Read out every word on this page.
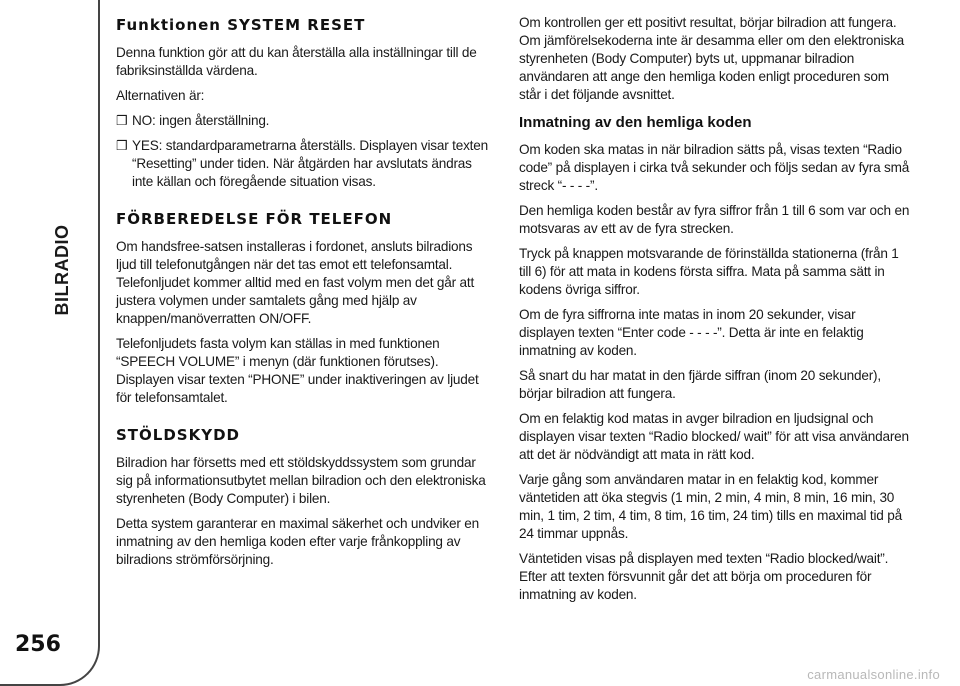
BILRADIO
256
Funktionen SYSTEM RESET

Denna funktion gör att du kan återställa alla inställningar till de fabriksinställda värdena.

Alternativen är:

❒ NO: ingen återställning.
❒ YES: standardparametrarna återställs. Displayen visar texten “Resetting” under tiden. När åtgärden har avslutats ändras inte källan och föregående situation visas.
FÖRBEREDELSE FÖR TELEFON

Om handsfree-satsen installeras i fordonet, ansluts bilradions ljud till telefonutgången när det tas emot ett telefonsamtal. Telefonljudet kommer alltid med en fast volym men det går att justera volymen under samtalets gång med hjälp av knappen/manöverratten ON/OFF.

Telefonljudets fasta volym kan ställas in med funktionen “SPEECH VOLUME” i menyn (där funktionen förutses). Displayen visar texten “PHONE” under inaktiveringen av ljudet för telefonsamtalet.

STÖLDSKYDD

Bilradion har försetts med ett stöldskyddssystem som grundar sig på informationsutbytet mellan bilradion och den elektroniska styrenheten (Body Computer) i bilen.

Detta system garanterar en maximal säkerhet och undviker en inmatning av den hemliga koden efter varje frånkoppling av bilradions strömförsörjning.

Om kontrollen ger ett positivt resultat, börjar bilradion att fungera. Om jämförelsekoderna inte är desamma eller om den elektroniska styrenheten (Body Computer) byts ut, uppmanar bilradion användaren att ange den hemliga koden enligt proceduren som står i det följande avsnittet.

Inmatning av den hemliga koden

Om koden ska matas in när bilradion sätts på, visas texten “Radio code” på displayen i cirka två sekunder och följs sedan av fyra små streck “- - - -”.

Den hemliga koden består av fyra siffror från 1 till 6 som var och en motsvaras av ett av de fyra strecken.

Tryck på knappen motsvarande de förinställda stationerna (från 1 till 6) för att mata in kodens första siffra. Mata på samma sätt in kodens övriga siffror.

Om de fyra siffrorna inte matas in inom 20 sekunder, visar displayen texten “Enter code - - - -”. Detta är inte en felaktig inmatning av koden.

Så snart du har matat in den fjärde siffran (inom 20 sekunder), börjar bilradion att fungera.

Om en felaktig kod matas in avger bilradion en ljudsignal och displayen visar texten “Radio blocked/ wait” för att visa användaren att det är nödvändigt att mata in rätt kod.

Varje gång som användaren matar in en felaktig kod, kommer väntetiden att öka stegvis (1 min, 2 min, 4 min, 8 min, 16 min, 30 min, 1 tim, 2 tim, 4 tim, 8 tim, 16 tim, 24 tim) tills en maximal tid på 24 timmar uppnås.

Väntetiden visas på displayen med texten “Radio blocked/wait”. Efter att texten försvunnit går det att börja om proceduren för inmatning av koden.

carmanualsonline.info
